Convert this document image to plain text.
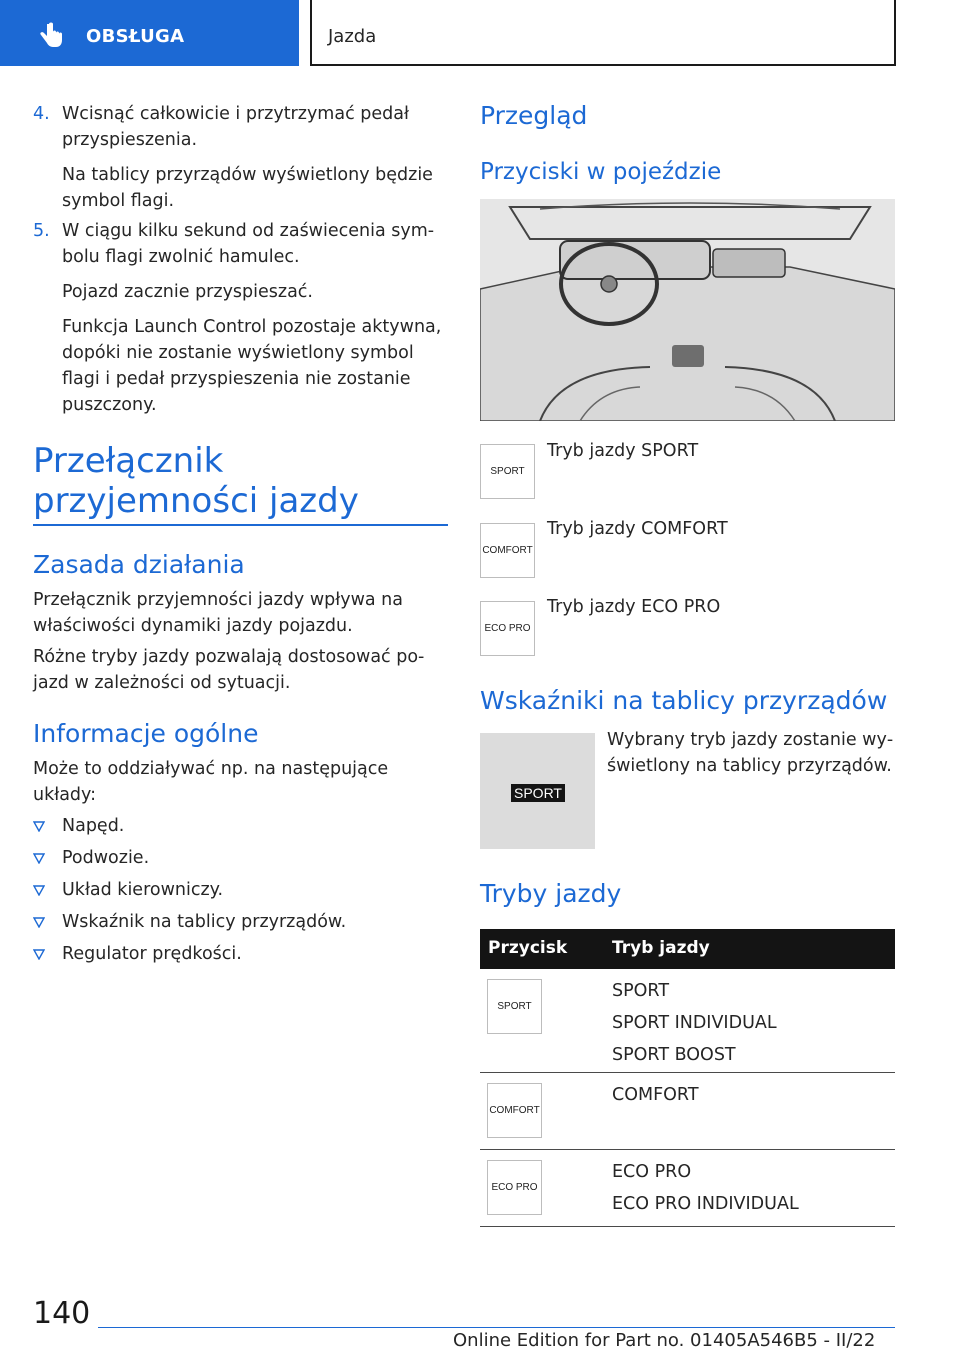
OBSŁUGA	Jazda
4. Wcisnąć całkowicie i przytrzymać pedał przyspieszenia.

Na tablicy przyrządów wyświetlony będzie symbol flagi.

5. W ciągu kilku sekund od zaświecenia sym‐ bolu flagi zwolnić hamulec.

Pojazd zacznie przyspieszać.

Funkcja Launch Control pozostaje aktywna, dopóki nie zostanie wyświetlony symbol flagi i pedał przyspieszenia nie zostanie puszczony.

Przełącznik przyjemności jazdy
Zasada działania
Przełącznik przyjemności jazdy wpływa na właściwości dynamiki jazdy pojazdu.
Różne tryby jazdy pozwalają dostosować po‐ jazd w zależności od sytuacji.
Informacje ogólne
Może to oddziaływać np. na następujące układy:
Napęd.
Podwozie.
Układ kierowniczy.
Wskaźnik na tablicy przyrządów.
Regulator prędkości.
Przegląd
Przyciski w pojeździe
SPORT
Tryb jazdy SPORT
COMFORT
Tryb jazdy COMFORT
ECO PRO
Tryb jazdy ECO PRO
Wskaźniki na tablicy przyrządów
SPORT
Wybrany tryb jazdy zostanie wy‐ świetlony na tablicy przyrządów.
Tryby jazdy
Przycisk	Tryb jazdy
SPORT
SPORT
SPORT INDIVIDUAL
SPORT BOOST
COMFORT
COMFORT
ECO PRO
ECO PRO
ECO PRO INDIVIDUAL
140
Online Edition for Part no. 01405A546B5 - II/22
